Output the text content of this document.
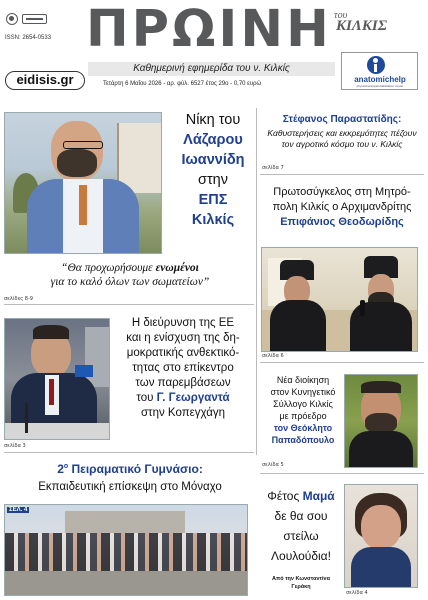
ISSN: 2654-0533 ΠΡΩΙΝΗ του
ΚΙΛΚΙΣ
Καθημερινή εφημερίδα του ν. Κιλκίς
eidisis.gr	Τετάρτη 6 Μαΐου 2026 - αρ. φύλ. 6527 έτος 29ο - 0,70 ευρώ	anatomichelp
physiotherapy&rehabilitation center
Νίκη του
Λάζαρου
Ιωαννίδη
στην
ΕΠΣ
Κιλκίς
“Θα προχωρήσουμε ενωμένοι
για το καλό όλων των σωματείων”
σελίδες 8-9
Στέφανος Παραστατίδης:
Καθυστερήσεις και εκκρεμότητες πέζουν τον αγροτικό κόσμο του ν. Κιλκίς
σελίδα 7
Πρωτοσύγκελος στη Μητρό-
πολη Κιλκίς ο Αρχιμανδρίτης
Επιφάνιος Θεοδωρίδης
σελίδα 6
Η διεύρυνση της ΕΕ
και η ενίσχυση της δη-
μοκρατικής ανθεκτικό-
τητας στο επίκεντρο
των παρεμβάσεων
του Γ. Γεωργαντά
στην Κοπεγχάγη
σελίδα 3
Νέα διοίκηση
στον Κυνηγετικό
Σύλλογο Κιλκίς
με πρόεδρο
τον Θεόκλητο
Παπαδόπουλο
σελίδα 5
$2^o$ Πειραματικό Γυμνάσιο:
Εκπαιδευτική επίσκεψη στο Μόναχο
ΣΕΛ. 4
Φέτος Μαμά
δε θα σου
στείλω
Λουλούδια!
Από την Κωνσταντίνα
Γεράκη
σελίδα 4
